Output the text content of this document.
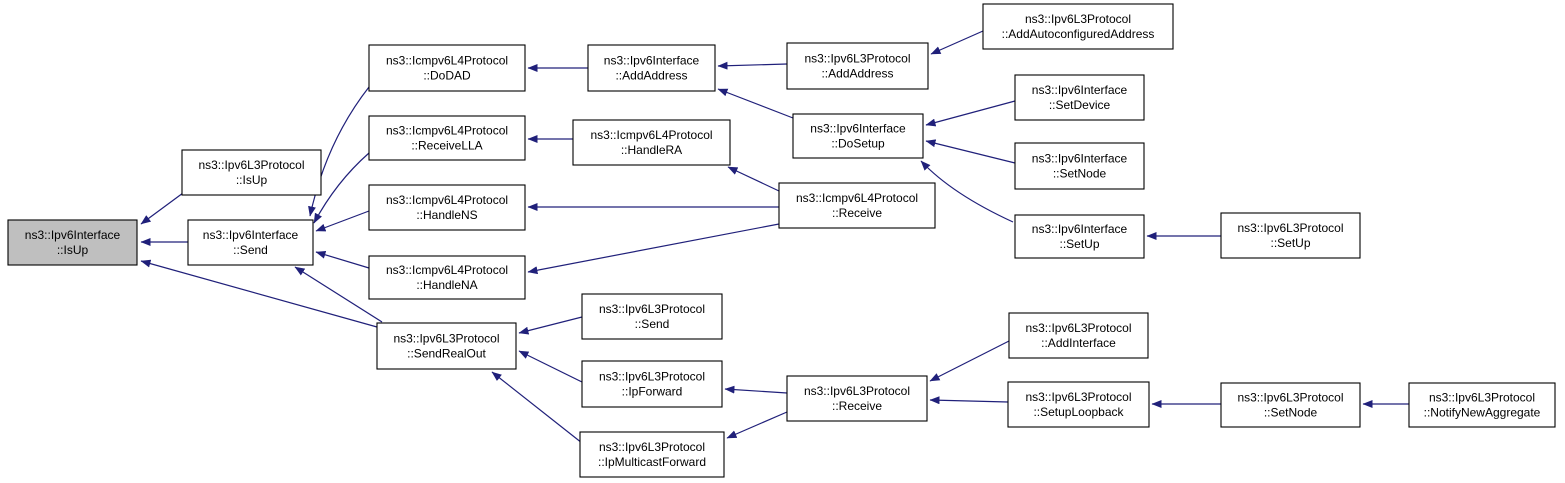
ns3::Ipv6Interface
::IsUp
ns3::Ipv6L3Protocol
::IsUp
ns3::Ipv6Interface
::Send
ns3::Icmpv6L4Protocol
::DoDAD
ns3::Ipv6Interface
::AddAddress
ns3::Icmpv6L4Protocol
::ReceiveLLA
ns3::Icmpv6L4Protocol
::HandleRA
ns3::Ipv6L3Protocol
::AddAddress
ns3::Ipv6L3Protocol
::AddAutoconfiguredAddress
ns3::Ipv6Interface
::SetDevice
ns3::Ipv6Interface
::DoSetup
ns3::Ipv6Interface
::SetNode
ns3::Icmpv6L4Protocol
::Receive
ns3::Ipv6Interface
::SetUp
ns3::Ipv6L3Protocol
::SetUp
ns3::Icmpv6L4Protocol
::HandleNS
ns3::Icmpv6L4Protocol
::HandleNA
ns3::Ipv6L3Protocol
::SendRealOut
ns3::Ipv6L3Protocol
::Send
ns3::Ipv6L3Protocol
::IpForward
ns3::Ipv6L3Protocol
::IpMulticastForward
ns3::Ipv6L3Protocol
::Receive
ns3::Ipv6L3Protocol
::AddInterface
ns3::Ipv6L3Protocol
::SetupLoopback
ns3::Ipv6L3Protocol
::SetNode
ns3::Ipv6L3Protocol
::NotifyNewAggregate
